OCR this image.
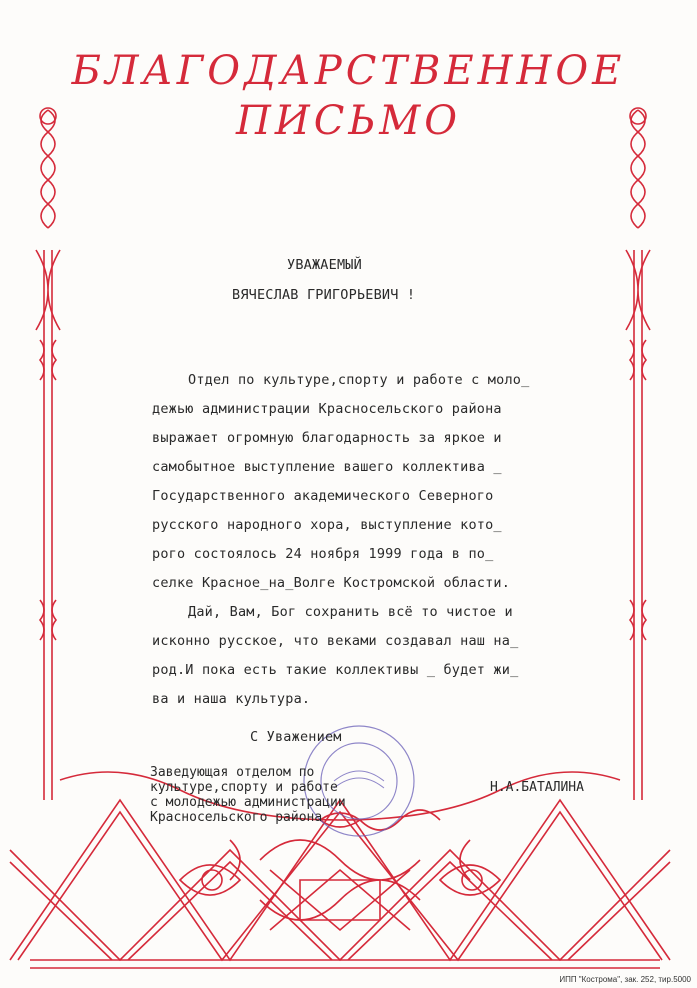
БЛАГОДАРСТВЕННОЕ
ПИСЬМО
УВАЖАЕМЫЙ
ВЯЧЕСЛАВ ГРИГОРЬЕВИЧ !
Отдел по культуре,спорту и работе с моло_
дежью администрации Красносельского района
выражает огромную благодарность за яркое и
самобытное выступление вашего коллектива _
Государственного академического Северного
русского народного хора, выступление кото_
рого состоялось 24 ноября 1999 года в по_
селке Красное_на_Волге Костромской области.
Дай, Вам, Бог сохранить всё то чистое и
исконно русское, что веками создавал наш на_
род.И пока есть такие коллективы _ будет жи_
ва и наша культура.
С Уважением
Заведующая отделом по
культуре,спорту и работе
с молодежью администрации
Красносельского района
Н.А.БАТАЛИНА
ИПП "Кострома", зак. 252, тир.5000
